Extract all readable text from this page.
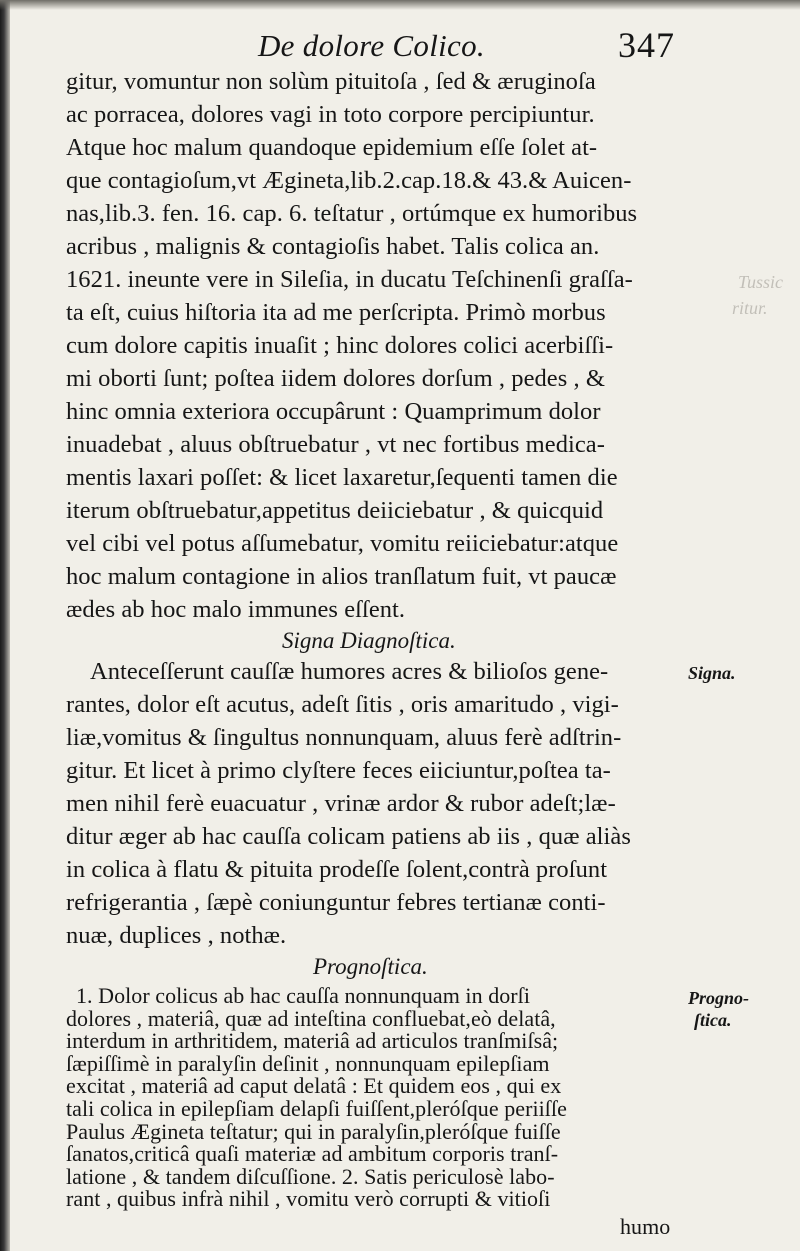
Tussic
ritur.
De dolore Colico.	347
gitur, vomuntur non solùm pituitoſa , ſed & æruginoſa
ac porracea, dolores vagi in toto corpore percipiuntur.
Atque hoc malum quandoque epidemium eſſe ſolet at-
que contagioſum,vt Ægineta,lib.2.cap.18.& 43.& Auicen-
nas,lib.3. fen. 16. cap. 6. teſtatur , ortúmque ex humoribus
acribus , malignis & contagioſis habet. Talis colica an.
1621. ineunte vere in Sileſia, in ducatu Teſchinenſi graſſa-
ta eſt, cuius hiſtoria ita ad me perſcripta. Primò morbus
cum dolore capitis inuaſit ; hinc dolores colici acerbiſſi-
mi oborti ſunt; poſtea iidem dolores dorſum , pedes , &
hinc omnia exteriora occupârunt : Quamprimum dolor
inuadebat , aluus obſtruebatur , vt nec fortibus medica-
mentis laxari poſſet: & licet laxaretur,ſequenti tamen die
iterum obſtruebatur,appetitus deiiciebatur , & quicquid
vel cibi vel potus aſſumebatur, vomitu reiiciebatur:atque
hoc malum contagione in alios tranſlatum fuit, vt paucæ
ædes ab hoc malo immunes eſſent.
Signa Diagnoſtica.
Signa.
Anteceſſerunt cauſſæ humores acres & bilioſos gene-
rantes, dolor eſt acutus, adeſt ſitis , oris amaritudo , vigi-
liæ,vomitus & ſingultus nonnunquam, aluus ferè adſtrin-
gitur. Et licet à primo clyſtere feces eiiciuntur,poſtea ta-
men nihil ferè euacuatur , vrinæ ardor & rubor adeſt;læ-
ditur æger ab hac cauſſa colicam patiens ab iis , quæ aliàs
in colica à flatu & pituita prodeſſe ſolent,contrà proſunt
refrigerantia , ſæpè coniunguntur febres tertianæ conti-
nuæ, duplices , nothæ.
Prognoſtica.
Progno-
ſtica.
1. Dolor colicus ab hac cauſſa nonnunquam in dorſi
dolores , materiâ, quæ ad inteſtina confluebat,eò delatâ,
interdum in arthritidem, materiâ ad articulos tranſmiſsâ;
ſæpiſſimè in paralyſin deſinit , nonnunquam epilepſiam
excitat , materiâ ad caput delatâ : Et quidem eos , qui ex
tali colica in epilepſiam delapſi fuiſſent,pleróſque periiſſe
Paulus Ægineta teſtatur; qui in paralyſin,pleróſque fuiſſe
ſanatos,criticâ quaſi materiæ ad ambitum corporis tranſ-
latione , & tandem diſcuſſione. 2. Satis periculosè labo-
rant , quibus infrà nihil , vomitu verò corrupti & vitioſi
humo
